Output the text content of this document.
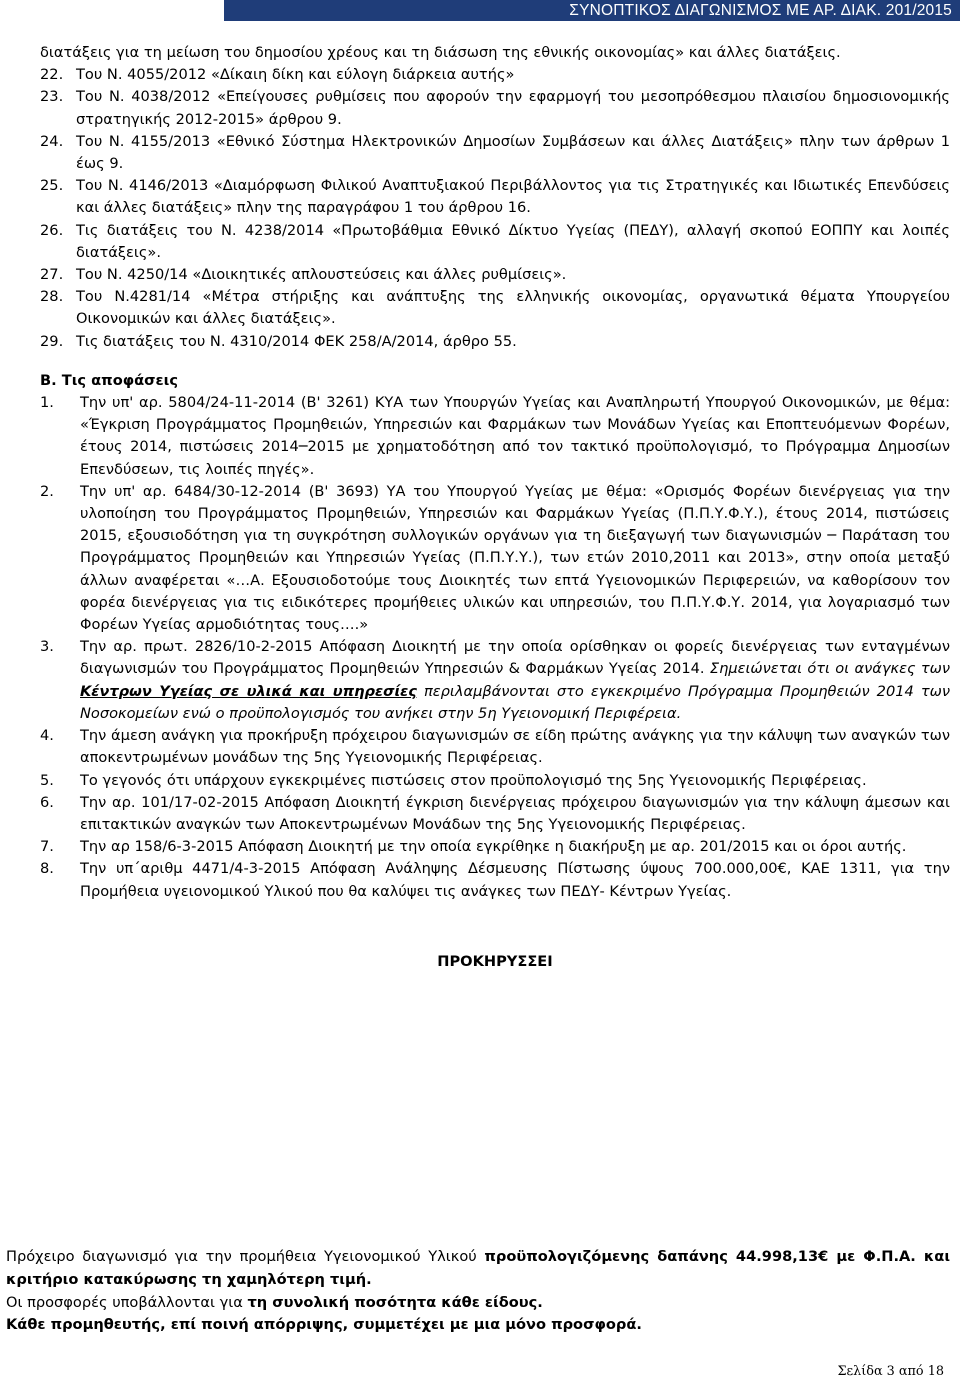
ΣΥΝΟΠΤΙΚΟΣ ΔΙΑΓΩΝΙΣΜΟΣ ΜΕ ΑΡ. ΔΙΑΚ. 201/2015
διατάξεις για τη μείωση του δημοσίου χρέους και τη διάσωση της εθνικής οικονομίας» και άλλες διατάξεις.
22. Του Ν. 4055/2012 «Δίκαιη δίκη και εύλογη διάρκεια αυτής»
23. Του Ν. 4038/2012 «Επείγουσες ρυθμίσεις που αφορούν την εφαρμογή του μεσοπρόθεσμου πλαισίου δημοσιονομικής στρατηγικής 2012-2015» άρθρου 9.
24. Του Ν. 4155/2013 «Εθνικό Σύστημα Ηλεκτρονικών Δημοσίων Συμβάσεων και άλλες Διατάξεις» πλην των άρθρων 1 έως 9.
25. Του Ν. 4146/2013 «Διαμόρφωση Φιλικού Αναπτυξιακού Περιβάλλοντος για τις Στρατηγικές και Ιδιωτικές Επενδύσεις και άλλες διατάξεις» πλην της παραγράφου 1 του άρθρου 16.
26. Τις διατάξεις του Ν. 4238/2014 «Πρωτοβάθμια Εθνικό Δίκτυο Υγείας (ΠΕΔΥ), αλλαγή σκοπού ΕΟΠΠΥ και λοιπές διατάξεις».
27. Του Ν. 4250/14 «Διοικητικές απλουστεύσεις και άλλες ρυθμίσεις».
28. Του Ν.4281/14 «Μέτρα στήριξης και ανάπτυξης της ελληνικής οικονομίας, οργανωτικά θέματα Υπουργείου Οικονομικών και άλλες διατάξεις».
29. Τις διατάξεις του Ν. 4310/2014 ΦΕΚ 258/Α/2014, άρθρο 55.
Β. Τις αποφάσεις
1. Την υπ' αρ. 5804/24-11-2014 (Β' 3261) ΚΥΑ των Υπουργών Υγείας και Αναπληρωτή Υπουργού Οικονομικών, με θέμα: «Έγκριση Προγράμματος Προμηθειών, Υπηρεσιών και Φαρμάκων των Μονάδων Υγείας και Εποπτευόμενων Φορέων, έτους 2014, πιστώσεις 2014─2015 με χρηματοδότηση από τον τακτικό προϋπολογισμό, το Πρόγραμμα Δημοσίων Επενδύσεων, τις λοιπές πηγές».
2. Την υπ' αρ. 6484/30-12-2014 (Β' 3693) ΥΑ του Υπουργού Υγείας με θέμα: «Ορισμός Φορέων διενέργειας για την υλοποίηση του Προγράμματος Προμηθειών, Υπηρεσιών και Φαρμάκων Υγείας (Π.Π.Υ.Φ.Υ.), έτους 2014, πιστώσεις 2015, εξουσιοδότηση για τη συγκρότηση συλλογικών οργάνων για τη διεξαγωγή των διαγωνισμών ─ Παράταση του Προγράμματος Προμηθειών και Υπηρεσιών Υγείας (Π.Π.Υ.Υ.), των ετών 2010,2011 και 2013», στην οποία μεταξύ άλλων αναφέρεται «…Α. Εξουσιοδοτούμε τους Διοικητές των επτά Υγειονομικών Περιφερειών, να καθορίσουν τον φορέα διενέργειας για τις ειδικότερες προμήθειες υλικών και υπηρεσιών, του Π.Π.Υ.Φ.Υ. 2014, για λογαριασμό των Φορέων Υγείας αρμοδιότητας τους….»
3. Την αρ. πρωτ. 2826/10-2-2015 Απόφαση Διοικητή με την οποία ορίσθηκαν οι φορείς διενέργειας των ενταγμένων διαγωνισμών του Προγράμματος Προμηθειών Υπηρεσιών & Φαρμάκων Υγείας 2014. Σημειώνεται ότι οι ανάγκες των Κέντρων Υγείας σε υλικά και υπηρεσίες περιλαμβάνονται στο εγκεκριμένο Πρόγραμμα Προμηθειών 2014 των Νοσοκομείων ενώ ο προϋπολογισμός του ανήκει στην 5η Υγειονομική Περιφέρεια.
4. Την άμεση ανάγκη για προκήρυξη πρόχειρου διαγωνισμών σε είδη πρώτης ανάγκης για την κάλυψη των αναγκών των αποκεντρωμένων μονάδων της 5ης Υγειονομικής Περιφέρειας.
5. Το γεγονός ότι υπάρχουν εγκεκριμένες πιστώσεις στον προϋπολογισμό της 5ης Υγειονομικής Περιφέρειας.
6. Την αρ. 101/17-02-2015 Απόφαση Διοικητή έγκριση διενέργειας πρόχειρου διαγωνισμών για την κάλυψη άμεσων και επιτακτικών αναγκών των Αποκεντρωμένων Μονάδων της 5ης Υγειονομικής Περιφέρειας.
7. Την αρ 158/6-3-2015 Απόφαση Διοικητή με την οποία εγκρίθηκε η διακήρυξη με αρ. 201/2015 και οι όροι αυτής.
8. Την υπ΄αριθμ 4471/4-3-2015 Απόφαση Ανάληψης Δέσμευσης Πίστωσης ύψους 700.000,00€, ΚΑΕ 1311, για την Προμήθεια υγειονομικού Υλικού που θα καλύψει τις ανάγκες των ΠΕΔΥ- Κέντρων Υγείας.
ΠΡΟΚΗΡΥΣΣΕΙ
Πρόχειρο διαγωνισμό για την προμήθεια Υγειονομικού Υλικού προϋπολογιζόμενης δαπάνης 44.998,13€ με Φ.Π.Α. και κριτήριο κατακύρωσης τη χαμηλότερη τιμή.
Οι προσφορές υποβάλλονται για τη συνολική ποσότητα κάθε είδους.
Κάθε προμηθευτής, επί ποινή απόρριψης, συμμετέχει με μια μόνο προσφορά.
Σελίδα 3 από 18
